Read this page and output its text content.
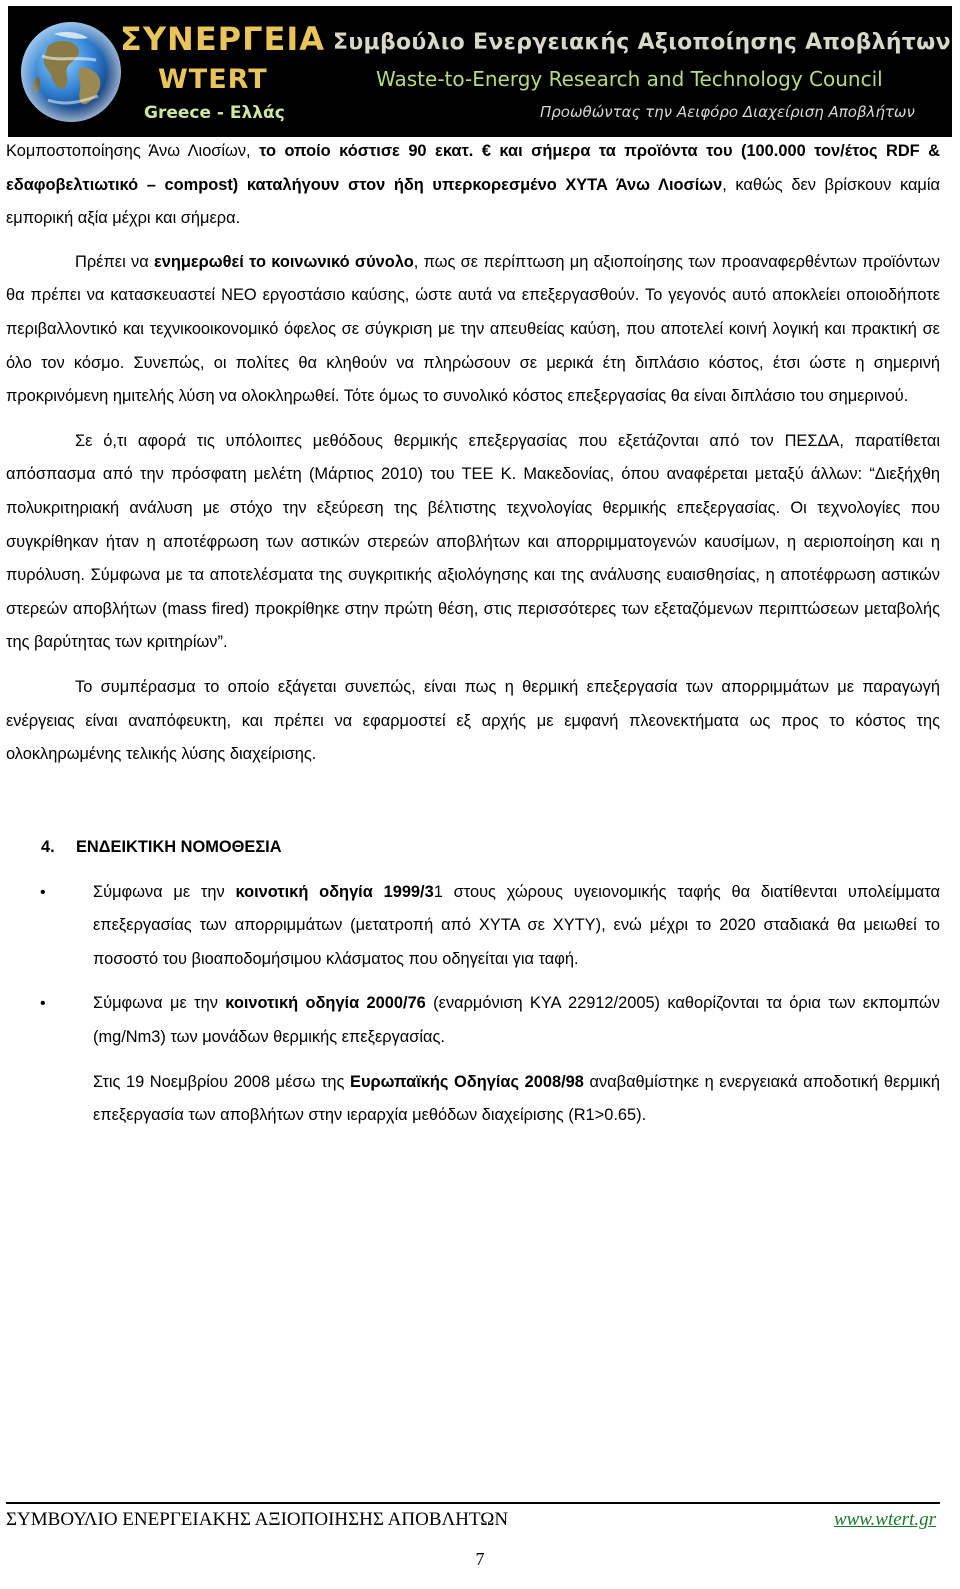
ΣΥΝΕΡΓΕΙΑ
WTERT
Greece - Ελλάς
Συμβούλιο Ενεργειακής Αξιοποίησης Αποβλήτων
Waste-to-Energy Research and Technology Council
Προωθώντας την Αειφόρο Διαχείριση Αποβλήτων

Κομποστοποίησης Άνω Λιοσίων, το οποίο κόστισε 90 εκατ. € και σήμερα τα προϊόντα του (100.000 τον/έτος RDF & εδαφοβελτιωτικό – compost) καταλήγουν στον ήδη υπερκορεσμένο ΧΥΤΑ Άνω Λιοσίων, καθώς δεν βρίσκουν καμία εμπορική αξία μέχρι και σήμερα.

Πρέπει να ενημερωθεί το κοινωνικό σύνολο, πως σε περίπτωση μη αξιοποίησης των προαναφερθέντων προϊόντων θα πρέπει να κατασκευαστεί ΝΕΟ εργοστάσιο καύσης, ώστε αυτά να επεξεργασθούν. Το γεγονός αυτό αποκλείει οποιοδήποτε περιβαλλοντικό και τεχνικοοικονομικό όφελος σε σύγκριση με την απευθείας καύση, που αποτελεί κοινή λογική και πρακτική σε όλο τον κόσμο. Συνεπώς, οι πολίτες θα κληθούν να πληρώσουν σε μερικά έτη διπλάσιο κόστος, έτσι ώστε η σημερινή προκρινόμενη ημιτελής λύση να ολοκληρωθεί. Τότε όμως το συνολικό κόστος επεξεργασίας θα είναι διπλάσιο του σημερινού.

Σε ό,τι αφορά τις υπόλοιπες μεθόδους θερμικής επεξεργασίας που εξετάζονται από τον ΠΕΣΔΑ, παρατίθεται απόσπασμα από την πρόσφατη μελέτη (Μάρτιος 2010) του ΤΕΕ Κ. Μακεδονίας, όπου αναφέρεται μεταξύ άλλων: “Διεξήχθη πολυκριτηριακή ανάλυση με στόχο την εξεύρεση της βέλτιστης τεχνολογίας θερμικής επεξεργασίας. Οι τεχνολογίες που συγκρίθηκαν ήταν η αποτέφρωση των αστικών στερεών αποβλήτων και απορριμματογενών καυσίμων, η αεριοποίηση και η πυρόλυση. Σύμφωνα με τα αποτελέσματα της συγκριτικής αξιολόγησης και της ανάλυσης ευαισθησίας, η αποτέφρωση αστικών στερεών αποβλήτων (mass fired) προκρίθηκε στην πρώτη θέση, στις περισσότερες των εξεταζόμενων περιπτώσεων μεταβολής της βαρύτητας των κριτηρίων”.

Το συμπέρασμα το οποίο εξάγεται συνεπώς, είναι πως η θερμική επεξεργασία των απορριμμάτων με παραγωγή ενέργειας είναι αναπόφευκτη, και πρέπει να εφαρμοστεί εξ αρχής με εμφανή πλεονεκτήματα ως προς το κόστος της ολοκληρωμένης τελικής λύσης διαχείρισης.

4. ΕΝΔΕΙΚΤΙΚΗ ΝΟΜΟΘΕΣΙΑ
•	Σύμφωνα με την κοινοτική οδηγία 1999/31 στους χώρους υγειονομικής ταφής θα διατίθενται υπολείμματα επεξεργασίας των απορριμμάτων (μετατροπή από ΧΥΤΑ σε ΧΥΤΥ), ενώ μέχρι το 2020 σταδιακά θα μειωθεί το ποσοστό του βιοαποδομήσιμου κλάσματος που οδηγείται για ταφή.
•	Σύμφωνα με την κοινοτική οδηγία 2000/76 (εναρμόνιση ΚΥΑ 22912/2005) καθορίζονται τα όρια των εκπομπών (mg/Nm3) των μονάδων θερμικής επεξεργασίας.

Στις 19 Νοεμβρίου 2008 μέσω της Ευρωπαϊκής Οδηγίας 2008/98 αναβαθμίστηκε η ενεργειακά αποδοτική θερμική επεξεργασία των αποβλήτων στην ιεραρχία μεθόδων διαχείρισης (R1>0.65).

ΣΥΜΒΟΥΛΙΟ ΕΝΕΡΓΕΙΑΚΗΣ ΑΞΙΟΠΟΙΗΣΗΣ ΑΠΟΒΛΗΤΩΝ	www.wtert.gr
7
